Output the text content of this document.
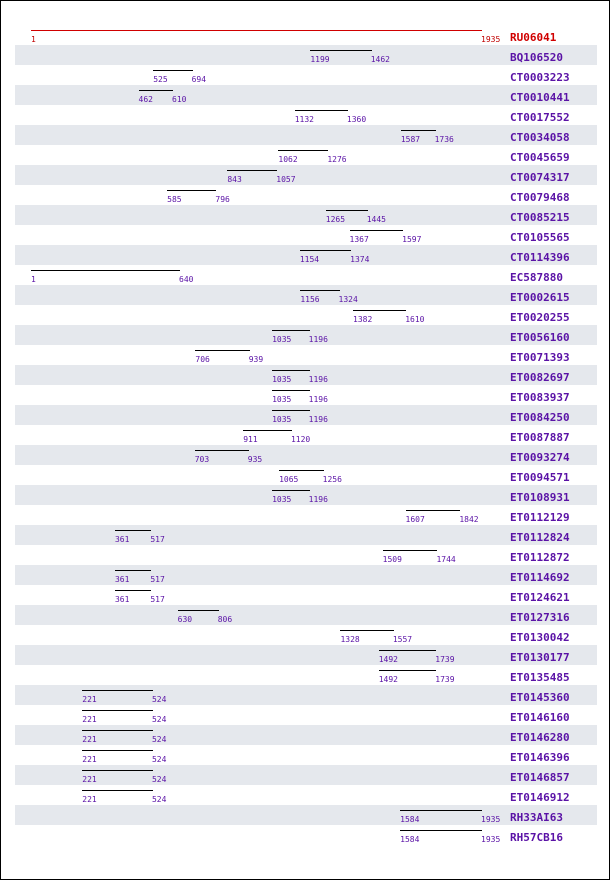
1	1935 RU06041
1199	1462	BQ106520
525	694	CT0003223
462 610	CT0010441
1132	1360	CT0017552
1587 1736	CT0034058
1062	1276	CT0045659
843	1057	CT0074317
585	796	CT0079468
1265	1445	CT0085215
1367	1597	CT0105565
1154	1374	CT0114396
1	640	EC587880
1156 1324	ET0002615
1382	1610	ET0020255
1035 1196	ET0056160
706	939	ET0071393
1035 1196	ET0082697
1035 1196	ET0083937
1035 1196	ET0084250
911	1120	ET0087887
703	935	ET0093274
1065	1256	ET0094571
1035 1196	ET0108931
1607	1842	ET0112129
361	517	ET0112824
1509	1744	ET0112872
361	517	ET0114692
361	517	ET0124621
630	806	ET0127316
1328	1557	ET0130042
1492	1739	ET0130177
1492	1739	ET0135485
221	524	ET0145360
221	524	ET0146160
221	524	ET0146280
221	524	ET0146396
221	524	ET0146857
221	524	ET0146912
1584	1935 RH33AI63
1584	1935 RH57CB16
